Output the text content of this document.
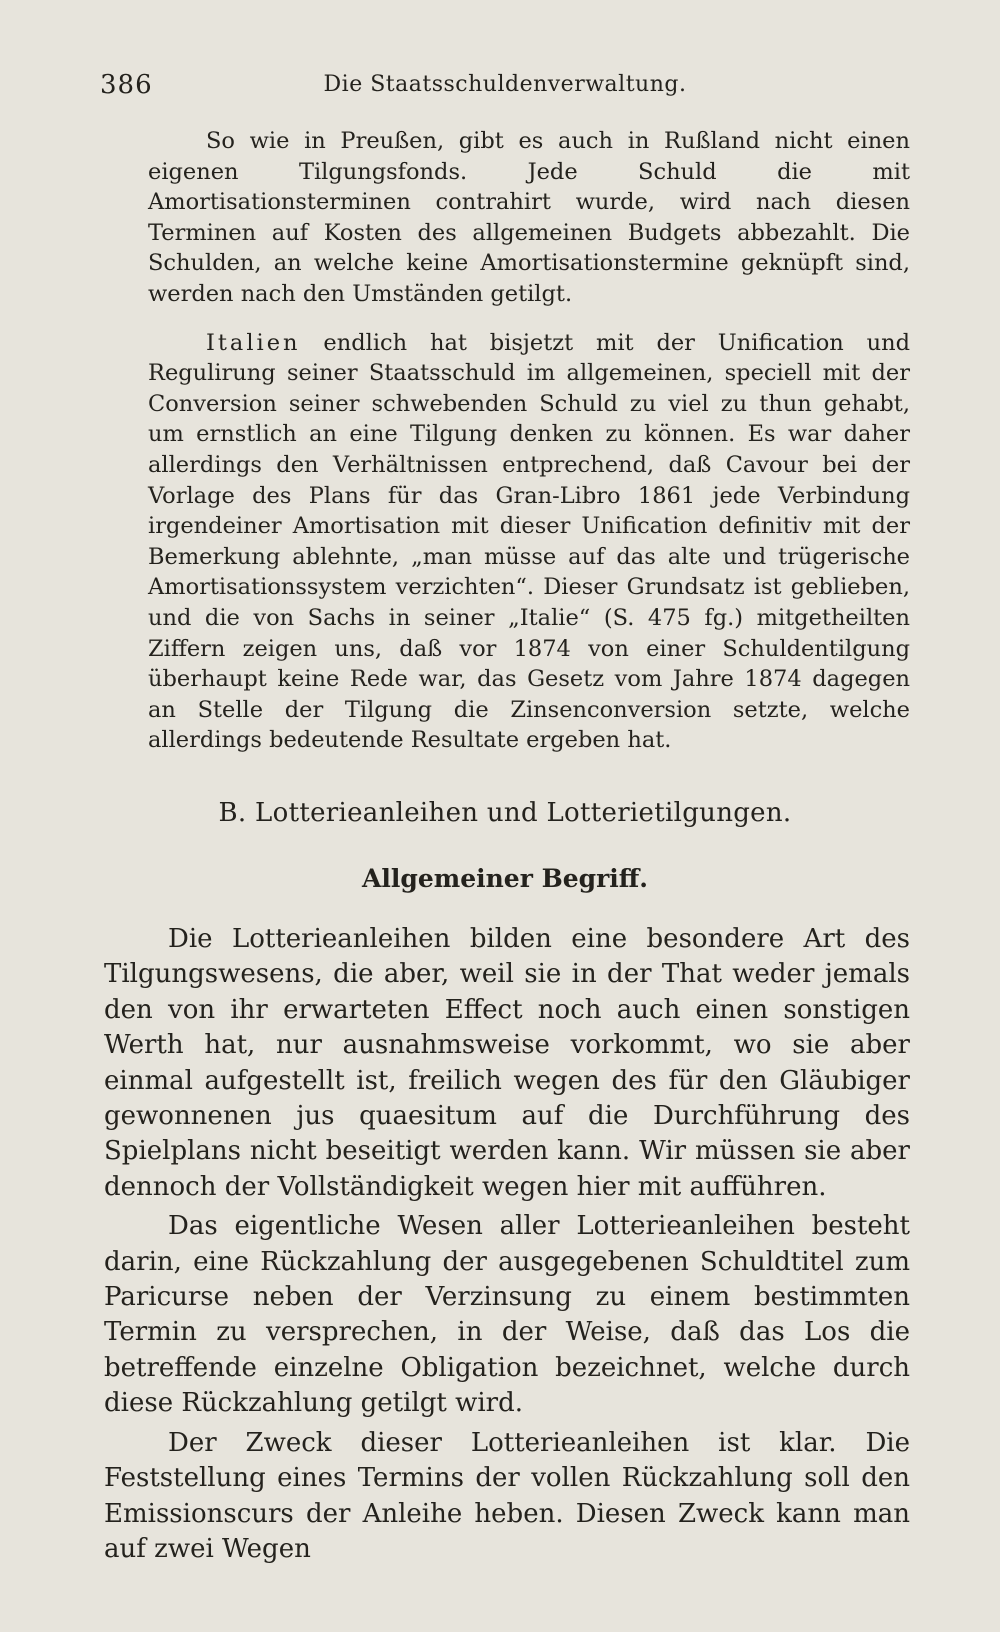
386	Die Staatsschuldenverwaltung.

So wie in Preußen, gibt es auch in Rußland nicht einen eigenen Tilgungsfonds. Jede Schuld die mit Amortisationsterminen contrahirt wurde, wird nach diesen Terminen auf Kosten des allgemeinen Budgets abbezahlt. Die Schulden, an welche keine Amortisationstermine geknüpft sind, werden nach den Umständen getilgt.

Italien endlich hat bisjetzt mit der Unification und Regulirung seiner Staatsschuld im allgemeinen, speciell mit der Conversion seiner schwebenden Schuld zu viel zu thun gehabt, um ernstlich an eine Tilgung denken zu können. Es war daher allerdings den Verhältnissen entprechend, daß Cavour bei der Vorlage des Plans für das Gran-Libro 1861 jede Verbindung irgendeiner Amortisation mit dieser Unification definitiv mit der Bemerkung ablehnte, „man müsse auf das alte und trügerische Amortisationssystem verzichten“. Dieser Grundsatz ist geblieben, und die von Sachs in seiner „Italie“ (S. 475 fg.) mitgetheilten Ziffern zeigen uns, daß vor 1874 von einer Schuldentilgung überhaupt keine Rede war, das Gesetz vom Jahre 1874 dagegen an Stelle der Tilgung die Zinsenconversion setzte, welche allerdings bedeutende Resultate ergeben hat.

B. Lotterieanleihen und Lotterietilgungen.
Allgemeiner Begriff.

Die Lotterieanleihen bilden eine besondere Art des Tilgungswesens, die aber, weil sie in der That weder jemals den von ihr erwarteten Effect noch auch einen sonstigen Werth hat, nur ausnahmsweise vorkommt, wo sie aber einmal aufgestellt ist, freilich wegen des für den Gläubiger gewonnenen jus quaesitum auf die Durchführung des Spielplans nicht beseitigt werden kann. Wir müssen sie aber dennoch der Vollständigkeit wegen hier mit aufführen.

Das eigentliche Wesen aller Lotterieanleihen besteht darin, eine Rückzahlung der ausgegebenen Schuldtitel zum Paricurse neben der Verzinsung zu einem bestimmten Termin zu versprechen, in der Weise, daß das Los die betreffende einzelne Obligation bezeichnet, welche durch diese Rückzahlung getilgt wird.

Der Zweck dieser Lotterieanleihen ist klar. Die Feststellung eines Termins der vollen Rückzahlung soll den Emissionscurs der Anleihe heben. Diesen Zweck kann man auf zwei Wegen
